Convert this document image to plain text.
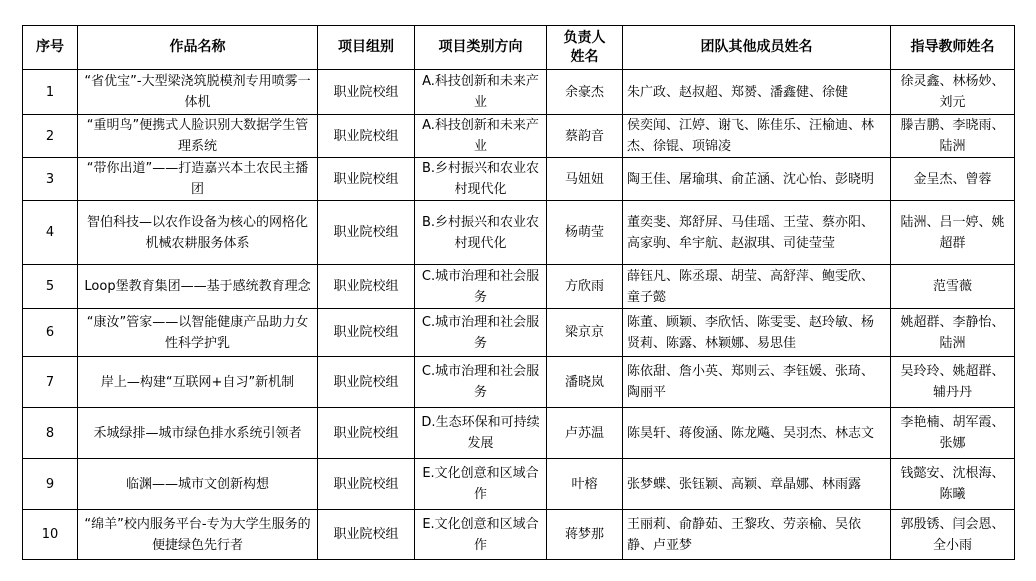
序号	作品名称	项目组别	项目类别方向	负责人姓名	团队其他成员姓名	指导教师姓名
1	“省优宝”-大型梁浇筑脱模剂专用喷雾一体机	职业院校组	A.科技创新和未来产业	余豪杰	朱广政、赵叔超、郑赟、潘鑫健、徐健	徐灵鑫、林杨妙、刘元
2	“重明鸟”便携式人脸识别大数据学生管理系统	职业院校组	A.科技创新和未来产业	蔡韵音	侯奕闻、江婷、谢飞、陈佳乐、汪榆迪、林杰、徐锟、项锦凌	滕吉鹏、李晓雨、陆洲
3	“带你出道”——打造嘉兴本土农民主播团	职业院校组	B.乡村振兴和农业农村现代化	马妞妞	陶王佳、屠瑜琪、俞芷涵、沈心怡、彭晓明	金呈杰、曾蓉
4	智伯科技—以农作设备为核心的网格化机械农耕服务体系	职业院校组	B.乡村振兴和农业农村现代化	杨萌莹	董奕斐、郑舒屏、马佳瑶、王莹、蔡亦阳、高家驹、牟宇航、赵淑琪、司徒莹莹	陆洲、吕一婷、姚超群
5	Loop堡教育集团——基于感统教育理念	职业院校组	C.城市治理和社会服务	方欣雨	薛钰凡、陈丞璟、胡莹、高舒萍、鲍雯欣、童子懿	范雪薇
6	“康汝”管家——以智能健康产品助力女性科学护乳	职业院校组	C.城市治理和社会服务	梁京京	陈董、顾颖、李欣恬、陈雯雯、赵玲敏、杨贤莉、陈露、林颖娜、易思佳	姚超群、李静怡、陆洲
7	岸上—构建“互联网+自习”新机制	职业院校组	C.城市治理和社会服务	潘晓岚	陈依甜、詹小英、郑则云、李钰媛、张琦、陶丽平	吴玲玲、姚超群、辅丹丹
8	禾城绿排—城市绿色排水系统引领者	职业院校组	D.生态环保和可持续发展	卢苏温	陈昊轩、蒋俊涵、陈龙飚、吴羽杰、林志文	李艳楠、胡军霞、张娜
9	临渊——城市文创新构想	职业院校组	E.文化创意和区域合作	叶榕	张梦蝶、张钰颖、高颖、章晶娜、林雨露	钱懿安、沈根海、陈曦
10	“绵羊”校内服务平台-专为大学生服务的便捷绿色先行者	职业院校组	E.文化创意和区域合作	蒋梦那	王丽莉、俞静茹、王黎玫、劳亲榆、吴依静、卢亚梦	郭殷锈、闫会恩、全小雨
